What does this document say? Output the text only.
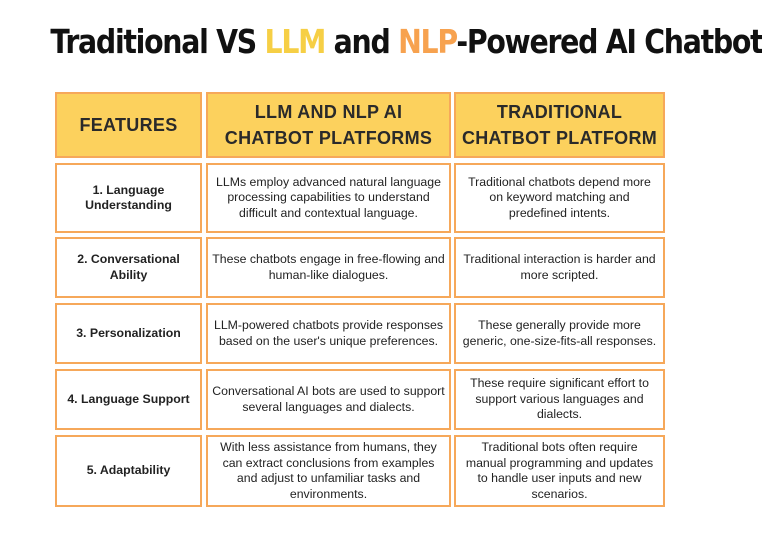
Traditional VS LLM and NLP-Powered AI Chatbot
FEATURES
LLM AND NLP AI CHATBOT PLATFORMS
TRADITIONAL CHATBOT PLATFORM
1. Language Understanding
LLMs employ advanced natural language processing capabilities to understand difficult and contextual language.
Traditional chatbots depend more on keyword matching and predefined intents.
2. Conversational Ability
These chatbots engage in free-flowing and human-like dialogues.
Traditional interaction is harder and more scripted.
3. Personalization
LLM-powered chatbots provide responses based on the user's unique preferences.
These generally provide more generic, one-size-fits-all responses.
4. Language Support
Conversational AI bots are used to support several languages and dialects.
These require significant effort to support various languages and dialects.
5. Adaptability
With less assistance from humans, they can extract conclusions from examples and adjust to unfamiliar tasks and environments.
Traditional bots often require manual programming and updates to handle user inputs and new scenarios.
